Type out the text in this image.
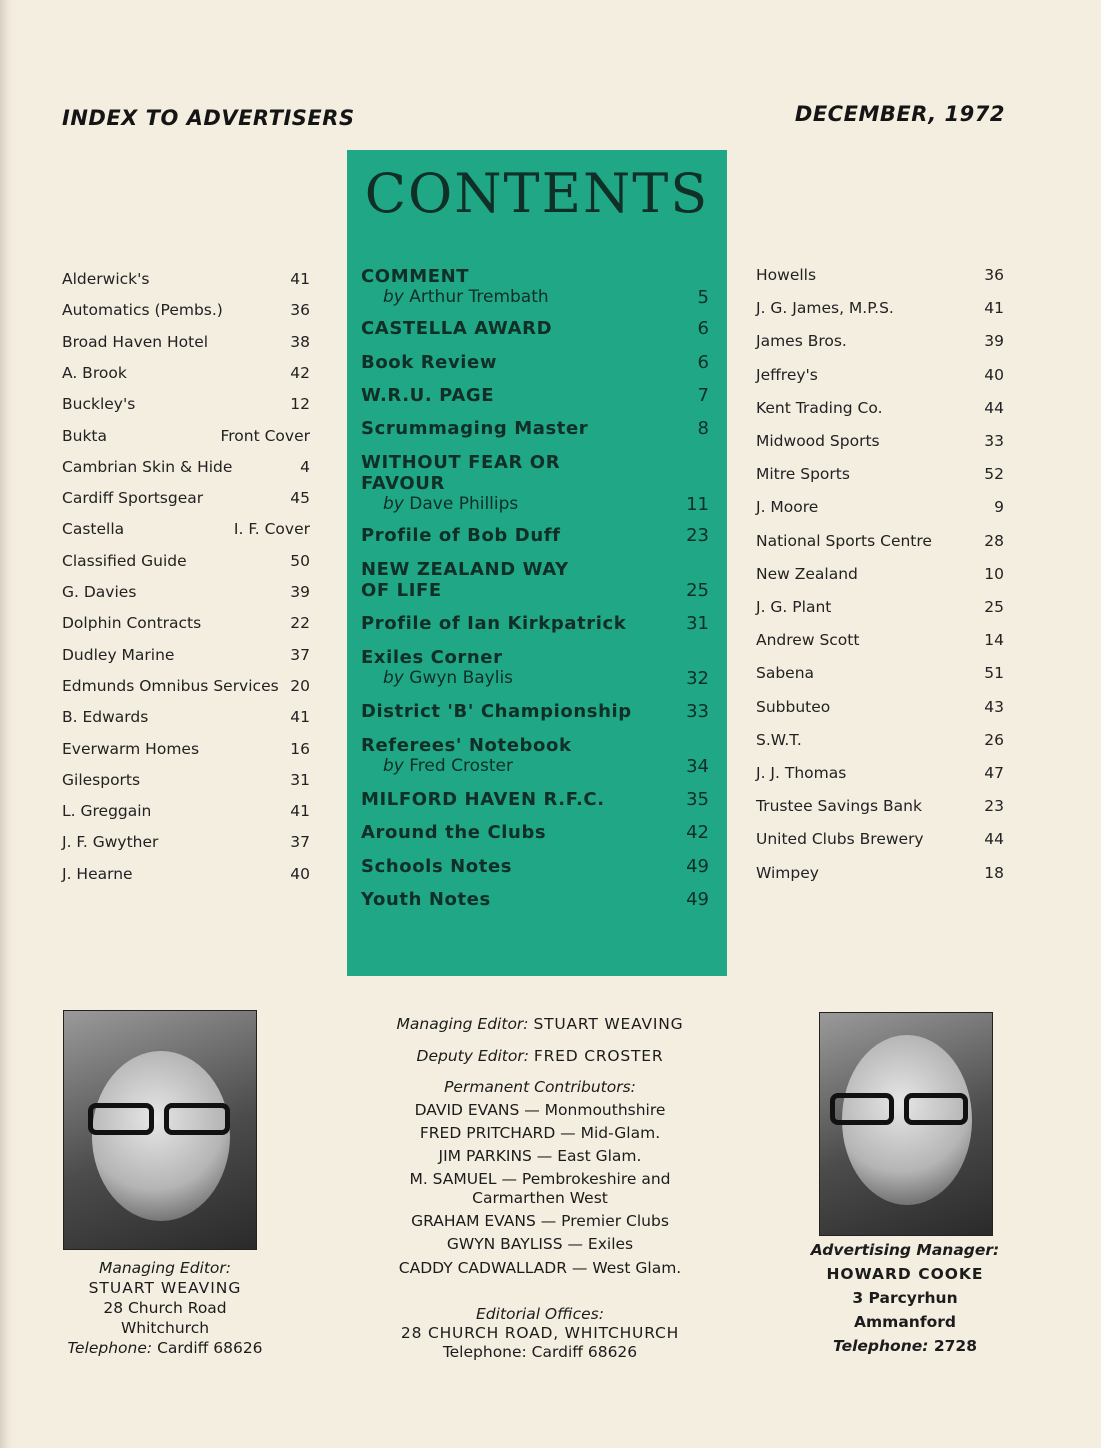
INDEX TO ADVERTISERS	DECEMBER, 1972
Alderwick's	41
Automatics (Pembs.)	36
Broad Haven Hotel	38
A. Brook	42
Buckley's	12
Bukta	Front Cover
Cambrian Skin & Hide	4
Cardiff Sportsgear	45
Castella	I. F. Cover
Classified Guide	50
G. Davies	39
Dolphin Contracts	22
Dudley Marine	37
Edmunds Omnibus Services 20
B. Edwards	41
Everwarm Homes	16
Gilesports	31
L. Greggain	41
J. F. Gwyther	37
J. Hearne	40
Howells	36
J. G. James, M.P.S.	41
James Bros.	39
Jeffrey's	40
Kent Trading Co.	44
Midwood Sports	33
Mitre Sports	52
J. Moore	9
National Sports Centre	28
New Zealand	10
J. G. Plant	25
Andrew Scott	14
Sabena	51
Subbuteo	43
S.W.T.	26
J. J. Thomas	47
Trustee Savings Bank	23
United Clubs Brewery	44
Wimpey	18
CONTENTS
COMMENT
by Arthur Trembath	5
CASTELLA AWARD	6
Book Review	6
W.R.U. PAGE	7
Scrummaging Master	8
WITHOUT FEAR OR
FAVOUR
by Dave Phillips	11
Profile of Bob Duff	23
NEW ZEALAND WAY
OF LIFE	25
Profile of Ian Kirkpatrick	31
Exiles Corner
by Gwyn Baylis	32
District 'B' Championship	33
Referees' Notebook
by Fred Croster	34
MILFORD HAVEN R.F.C.	35
Around the Clubs	42
Schools Notes	49
Youth Notes	49
Managing Editor:
STUART WEAVING
28 Church Road
Whitchurch
Telephone: Cardiff 68626
Advertising Manager:
HOWARD COOKE
3 Parcyrhun
Ammanford
Telephone: 2728
Managing Editor: STUART WEAVING
Deputy Editor: FRED CROSTER
Permanent Contributors:
DAVID EVANS — Monmouthshire
FRED PRITCHARD — Mid-Glam.
JIM PARKINS — East Glam.
M. SAMUEL — Pembrokeshire and
Carmarthen West
GRAHAM EVANS — Premier Clubs
GWYN BAYLISS — Exiles
CADDY CADWALLADR — West Glam.
Editorial Offices:
28 CHURCH ROAD, WHITCHURCH
Telephone: Cardiff 68626
